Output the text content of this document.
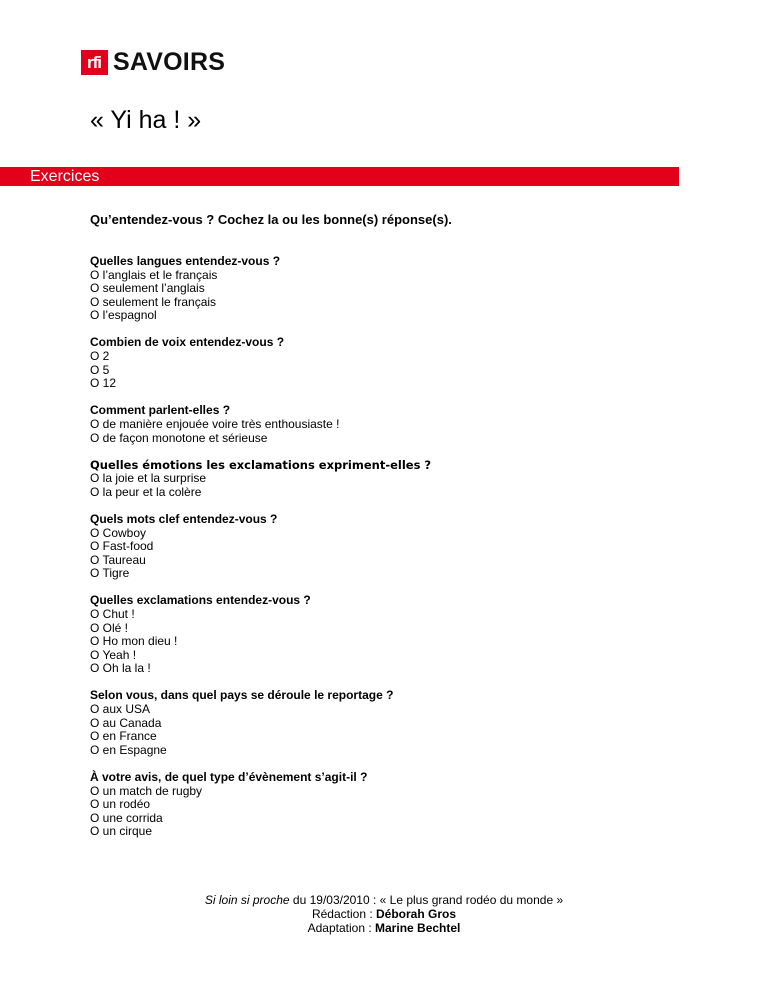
rfi SAVOIRS
« Yi ha ! »
Exercices
Qu’entendez-vous ? Cochez la ou les bonne(s) réponse(s).
Quelles langues entendez-vous ?
O l’anglais et le français
O seulement l’anglais
O seulement le français
O l’espagnol
Combien de voix entendez-vous ?
O 2
O 5
O 12
Comment parlent-elles ?
O de manière enjouée voire très enthousiaste !
O de façon monotone et sérieuse
Quelles émotions les exclamations expriment-elles ?
O la joie et la surprise
O la peur et la colère
Quels mots clef entendez-vous ?
O Cowboy
O Fast-food
O Taureau
O Tigre
Quelles exclamations entendez-vous ?
O Chut !
O Olé !
O Ho mon dieu !
O Yeah !
O Oh la la !
Selon vous, dans quel pays se déroule le reportage ?
O aux USA
O au Canada
O en France
O en Espagne
À votre avis, de quel type d’évènement s’agit-il ?
O un match de rugby
O un rodéo
O une corrida
O un cirque
Si loin si proche du 19/03/2010 : « Le plus grand rodéo du monde »
Rédaction : Déborah Gros
Adaptation : Marine Bechtel
